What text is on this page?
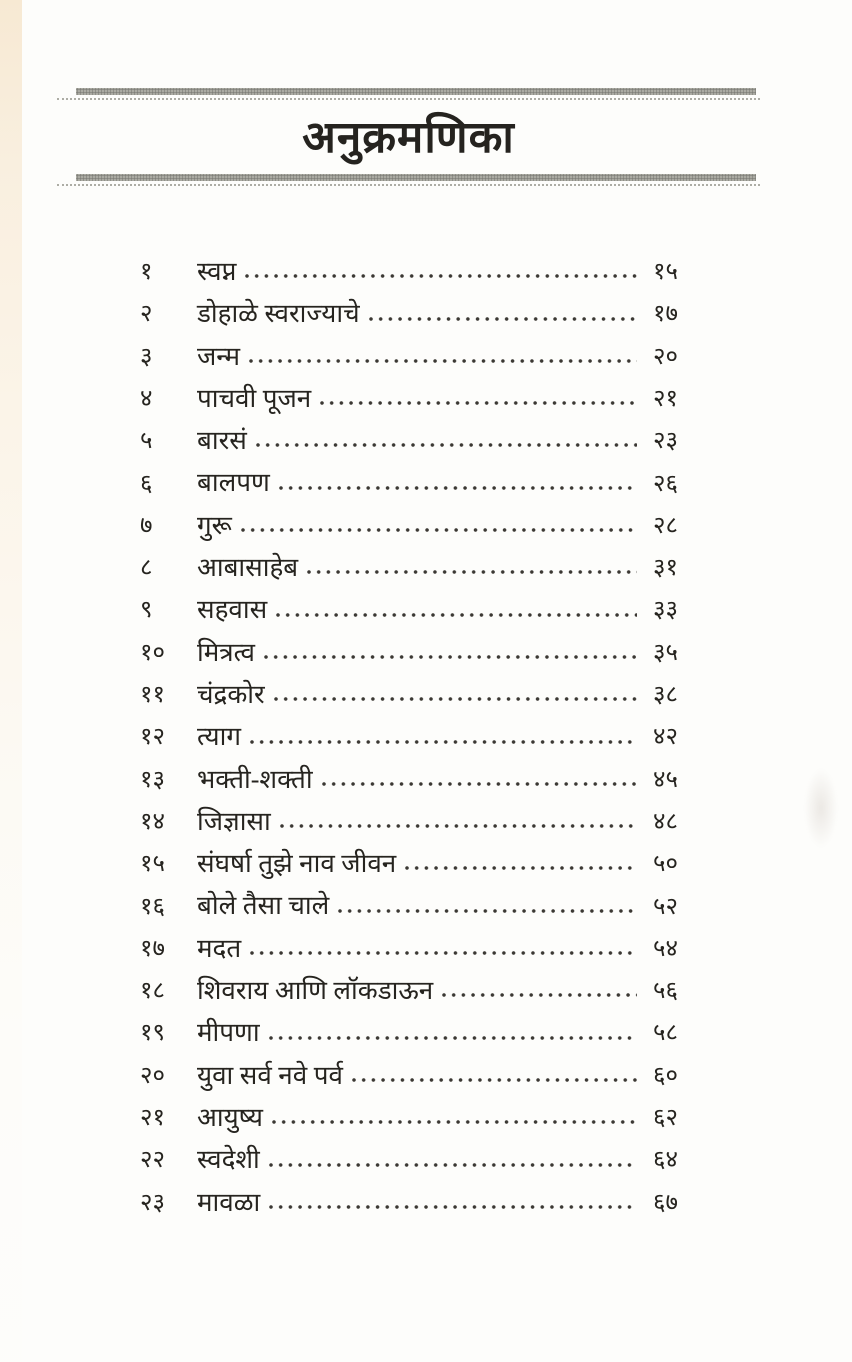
अनुक्रमणिका
१	स्वप्न	१५
२	डोहाळे स्वराज्याचे	१७
३	जन्म	२०
४	पाचवी पूजन	२१
५	बारसं	२३
६	बालपण	२६
७	गुरू	२८
८	आबासाहेब	३१
९	सहवास	३३
१०	मित्रत्व	३५
११	चंद्रकोर	३८
१२	त्याग	४२
१३	भक्ती-शक्ती	४५
१४	जिज्ञासा	४८
१५	संघर्षा तुझे नाव जीवन	५०
१६	बोले तैसा चाले	५२
१७	मदत	५४
१८	शिवराय आणि लॉकडाऊन	५६
१९	मीपणा	५८
२०	युवा सर्व नवे पर्व	६०
२१	आयुष्य	६२
२२	स्वदेशी	६४
२३	मावळा	६७
